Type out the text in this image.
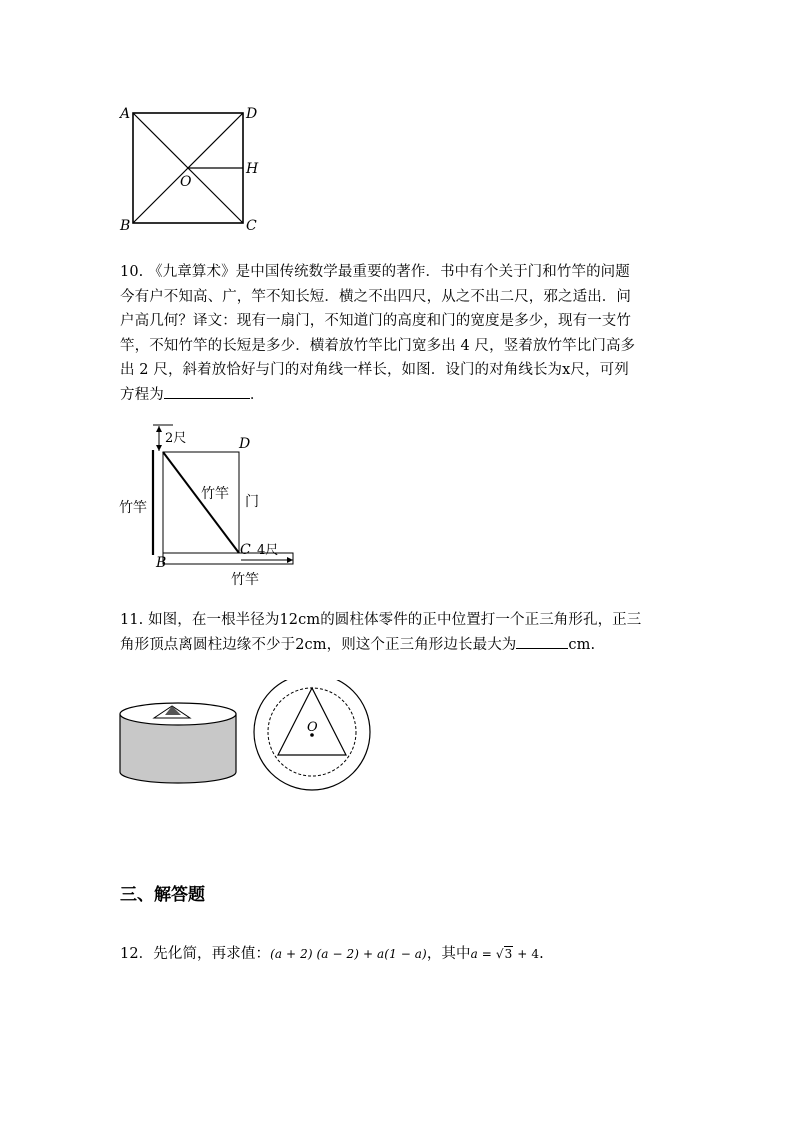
A	D
O
H
B	C

10. 《九章算术》是中国传统数学最重要的著作．书中有个关于门和竹竿的问题

今有户不知高、广，竿不知长短．横之不出四尺，从之不出二尺，邪之适出．问

户高几何？译文：现有一扇门，不知道门的高度和门的宽度是多少，现有一支竹

竿，不知竹竿的长短是多少．横着放竹竿比门宽多出 4 尺，竖着放竹竿比门高多

出 2 尺，斜着放恰好与门的对角线一样长，如图．设门的对角线长为x尺，可列

方程为	．

2尺	D
竹竿
竹竿 门
C 4尺
B
竹竿

11. 如图，在一根半径为12cm的圆柱体零件的正中位置打一个正三角形孔，正三

角形顶点离圆柱边缘不少于2cm，则这个正三角形边长最大为	cm.

O
三、解答题

12．先化简，再求值：(a + 2) (a − 2) + a(1 − a)，其中a = √3 + 4.
